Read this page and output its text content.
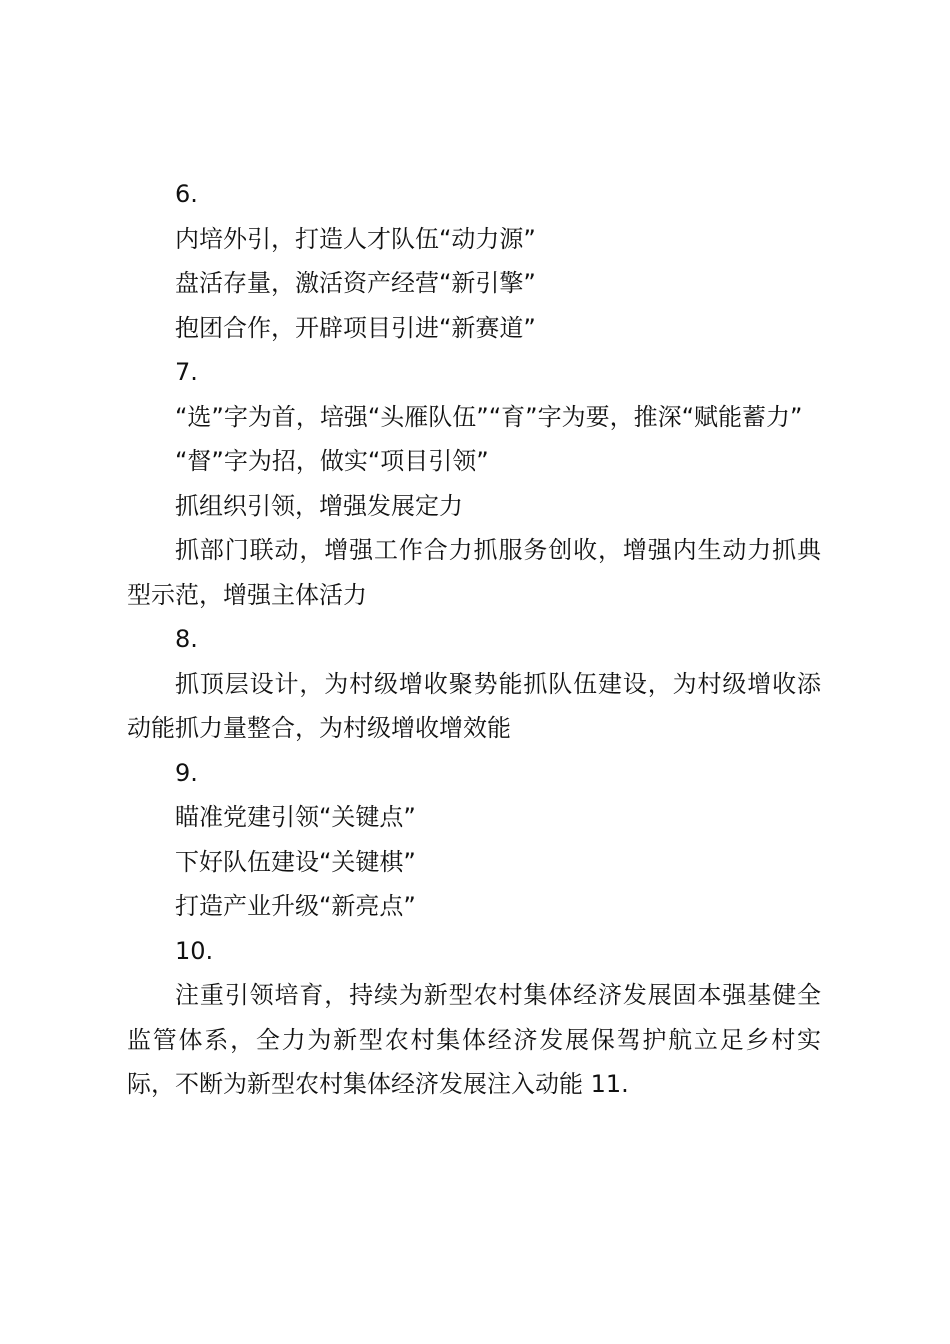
6.

内培外引，打造人才队伍“动力源”

盘活存量，激活资产经营“新引擎”

抱团合作，开辟项目引进“新赛道”

7.

“选”字为首，培强“头雁队伍”“育”字为要，推深“赋能蓄力”

“督”字为招，做实“项目引领”

抓组织引领，增强发展定力

抓部门联动，增强工作合力抓服务创收，增强内生动力抓典型示范，增强主体活力

8.

抓顶层设计，为村级增收聚势能抓队伍建设，为村级增收添动能抓力量整合，为村级增收增效能

9.

瞄准党建引领“关键点”

下好队伍建设“关键棋”

打造产业升级“新亮点”

10.

注重引领培育，持续为新型农村集体经济发展固本强基健全监管体系，全力为新型农村集体经济发展保驾护航立足乡村实际，不断为新型农村集体经济发展注入动能 11.
